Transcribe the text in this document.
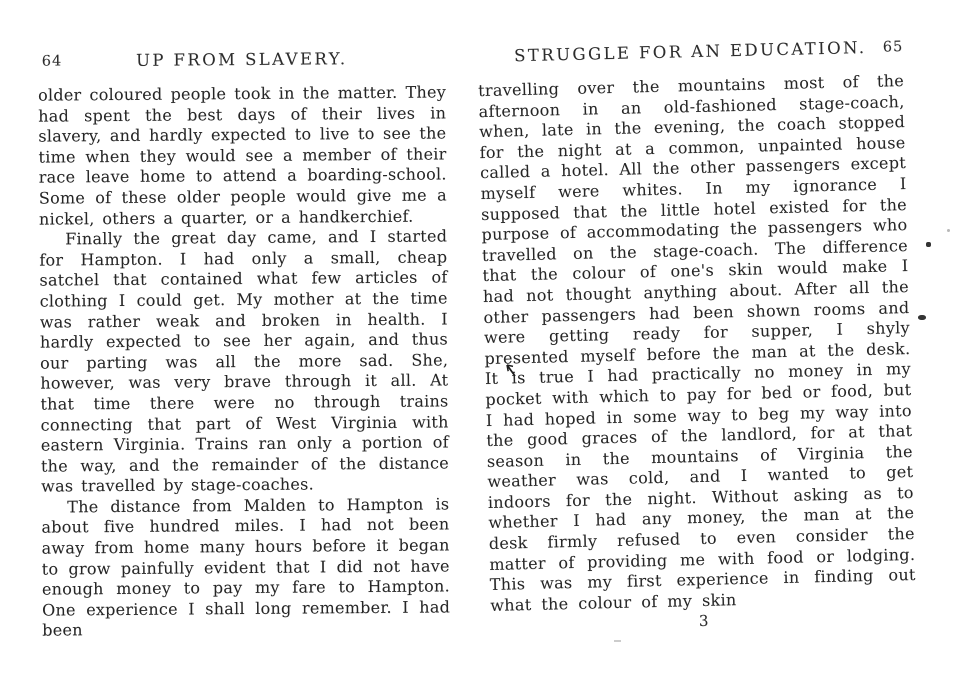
64	UP FROM SLAVERY.

older coloured people took in the matter. They had spent the best days of their lives in slavery, and hardly expected to live to see the time when they would see a member of their race leave home to attend a boarding-school. Some of these older people would give me a nickel, others a quarter, or a handkerchief.

Finally the great day came, and I started for Hampton. I had only a small, cheap satchel that contained what few articles of clothing I could get. My mother at the time was rather weak and broken in health. I hardly expected to see her again, and thus our parting was all the more sad. She, however, was very brave through it all. At that time there were no through trains connecting that part of West Virginia with eastern Virginia. Trains ran only a portion of the way, and the remainder of the distance was travelled by stage-coaches.

The distance from Malden to Hampton is about five hundred miles. I had not been away from home many hours before it began to grow painfully evident that I did not have enough money to pay my fare to Hampton. One experience I shall long remember. I had been

STRUGGLE FOR AN EDUCATION.	65

travelling over the mountains most of the afternoon in an old-fashioned stage-coach, when, late in the evening, the coach stopped for the night at a common, unpainted house called a hotel. All the other passengers except myself were whites. In my ignorance I supposed that the little hotel existed for the purpose of accommodating the passengers who travelled on the stage-coach. The difference that the colour of one's skin would make I had not thought anything about. After all the other passengers had been shown rooms and were getting ready for supper, I shyly presented myself before the man at the desk. It is true I had practically no money in my pocket with which to pay for bed or food, but I had hoped in some way to beg my way into the good graces of the landlord, for at that season in the mountains of Virginia the weather was cold, and I wanted to get indoors for the night. Without asking as to whether I had any money, the man at the desk firmly refused to even consider the matter of providing me with food or lodging. This was my first experience in finding out what the colour of my skin

3
